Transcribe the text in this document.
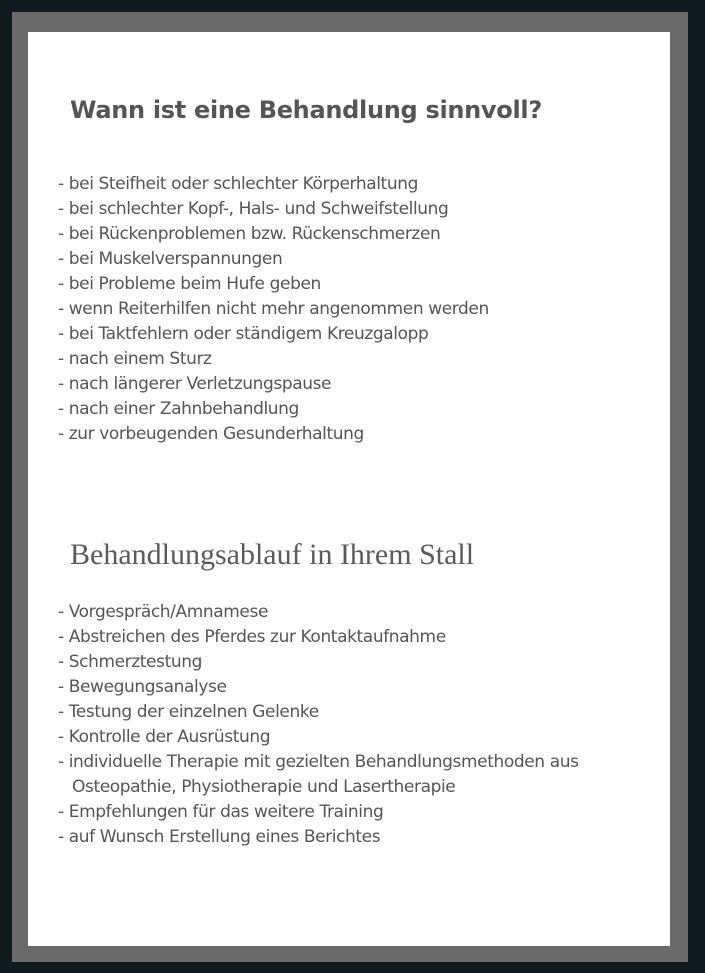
Wann ist eine Behandlung sinnvoll?
- bei Steifheit oder schlechter Körperhaltung
- bei schlechter Kopf-, Hals- und Schweifstellung
- bei Rückenproblemen bzw. Rückenschmerzen
- bei Muskelverspannungen
- bei Probleme beim Hufe geben
- wenn Reiterhilfen nicht mehr angenommen werden
- bei Taktfehlern oder ständigem Kreuzgalopp
- nach einem Sturz
- nach längerer Verletzungspause
- nach einer Zahnbehandlung
- zur vorbeugenden Gesunderhaltung
Behandlungsablauf in Ihrem Stall
- Vorgespräch/Amnamese
- Abstreichen des Pferdes zur Kontaktaufnahme
- Schmerztestung
- Bewegungsanalyse
- Testung der einzelnen Gelenke
- Kontrolle der Ausrüstung
- individuelle Therapie mit gezielten Behandlungsmethoden aus Osteopathie, Physiotherapie und Lasertherapie
- Empfehlungen für das weitere Training
- auf Wunsch Erstellung eines Berichtes
